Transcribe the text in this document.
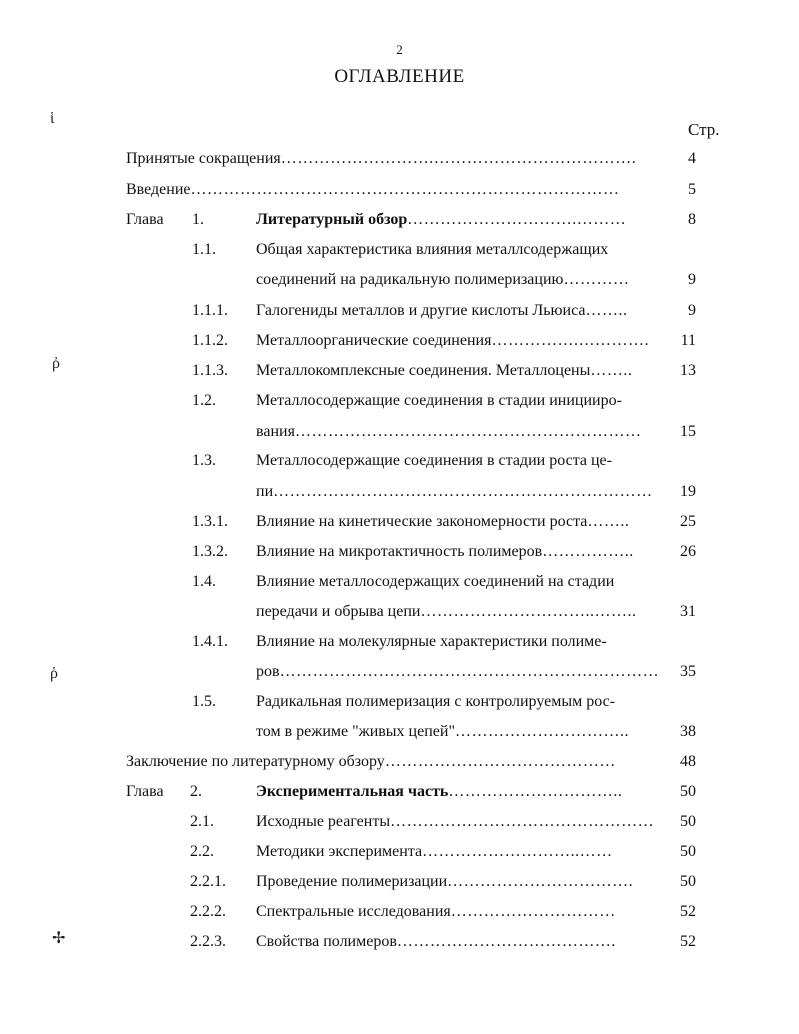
2
ОГЛАВЛЕНИЕ
Стр.
ἱ
ῤ
ῥ
✢
Принятые сокращения……………………….……………………………….	4
Введение……………………………………………………………………	5
Глава 1.	Литературный обзор………………………….………	8
1.1.	Общая характеристика влияния металлсодержащих
соединений на радикальную полимеризацию…………	9
1.1.1. Галогениды металлов и другие кислоты Льюиса……..	9
1.1.2. Металлоорганические соединения…………….………….	11
1.1.3. Металлокомплексные соединения. Металлоцены……..	13
1.2.	Металлосодержащие соединения в стадии инициирo-
вания………………………………………………………	15
1.3.	Металлосодержащие соединения в стадии роста це-
пи……………………………………………………………	19
1.3.1. Влияние на кинетические закономерности роста……..	25
1.3.2. Влияние на микротактичность полимеров……………..	26
1.4.	Влияние металлосодержащих соединений на стадии
передачи и обрыва цепи…………………………..……..	31
1.4.1. Влияние на молекулярные характеристики полиме-
ров……………………………………………………………	35
1.5.	Радикальная полимеризация с контролируемым рос-
том в режиме "живых цепей"…………………………..	38
Заключение по литературному обзору……………………………………	48
Глава 2.	Экспериментальная часть…………………………..	50
2.1.	Исходные реагенты…………………………………………	50
2.2.	Методики эксперимента………………………..……	50
2.2.1. Проведение полимеризации…………………………….	50
2.2.2. Спектральные исследования…………………………	52
2.2.3. Свойства полимеров………………………………….	52
